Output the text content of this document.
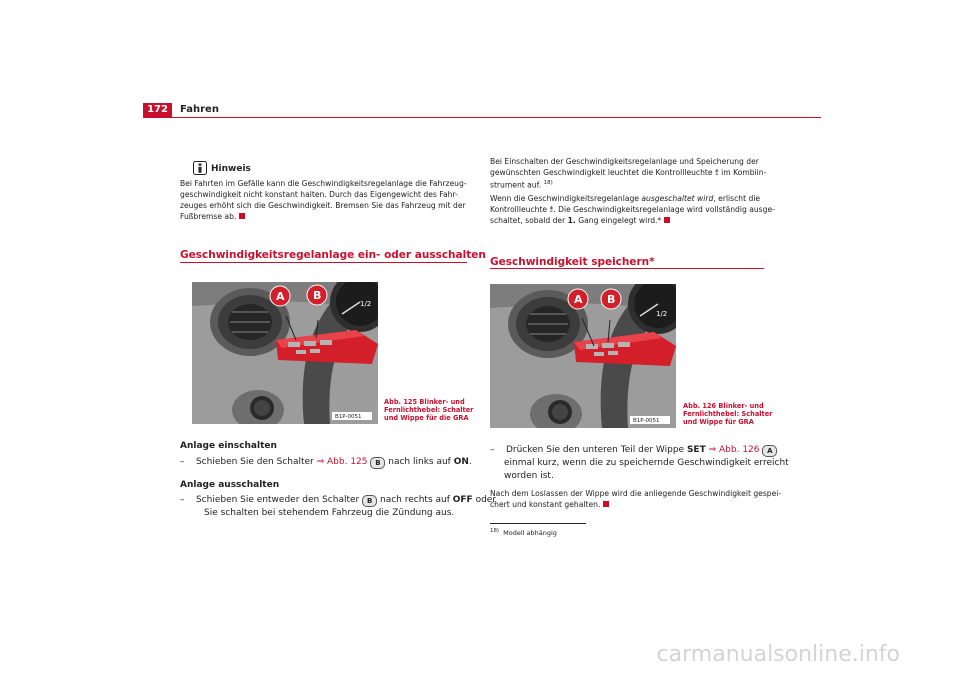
172	Fahren
Hinweis
Bei Fahrten im Gefälle kann die Geschwindigkeitsregelanlage die Fahrzeug-
geschwindigkeit nicht konstant halten. Durch das Eigengewicht des Fahr-
zeuges erhöht sich die Geschwindigkeit. Bremsen Sie das Fahrzeug mit der
Fußbremse ab.
Geschwindigkeitsregelanlage ein- oder ausschalten
1/2
A	B
B1P-0051
Abb. 125 Blinker- und
Fernlichthebel: Schalter
und Wippe für die GRA
Anlage einschalten
– Schieben Sie den Schalter ⇒ Abb. 125 B nach links auf ON.
Anlage ausschalten
– Schieben Sie entweder den Schalter B nach rechts auf OFF oder
Sie schalten bei stehendem Fahrzeug die Zündung aus.
Bei Einschalten der Geschwindigkeitsregelanlage und Speicherung der
gewünschten Geschwindigkeit leuchtet die Kontrollleuchte ⥉ im Kombiin-
strument auf. $^{18)}$
Wenn die Geschwindigkeitsregelanlage ausgeschaltet wird, erlischt die
Kontrollleuchte ⥉. Die Geschwindigkeitsregelanlage wird vollständig ausge-
schaltet, sobald der 1. Gang eingelegt wird.*
Geschwindigkeit speichern*
1/2
A B
B1P-0051
Abb. 126 Blinker- und
Fernlichthebel: Schalter
und Wippe für GRA
– Drücken Sie den unteren Teil der Wippe SET ⇒ Abb. 126 A
einmal kurz, wenn die zu speichernde Geschwindigkeit erreicht
worden ist.
Nach dem Loslassen der Wippe wird die anliegende Geschwindigkeit gespei-
chert und konstant gehalten.
$^{18)}$ Modell abhängig
carmanualsonline.info
